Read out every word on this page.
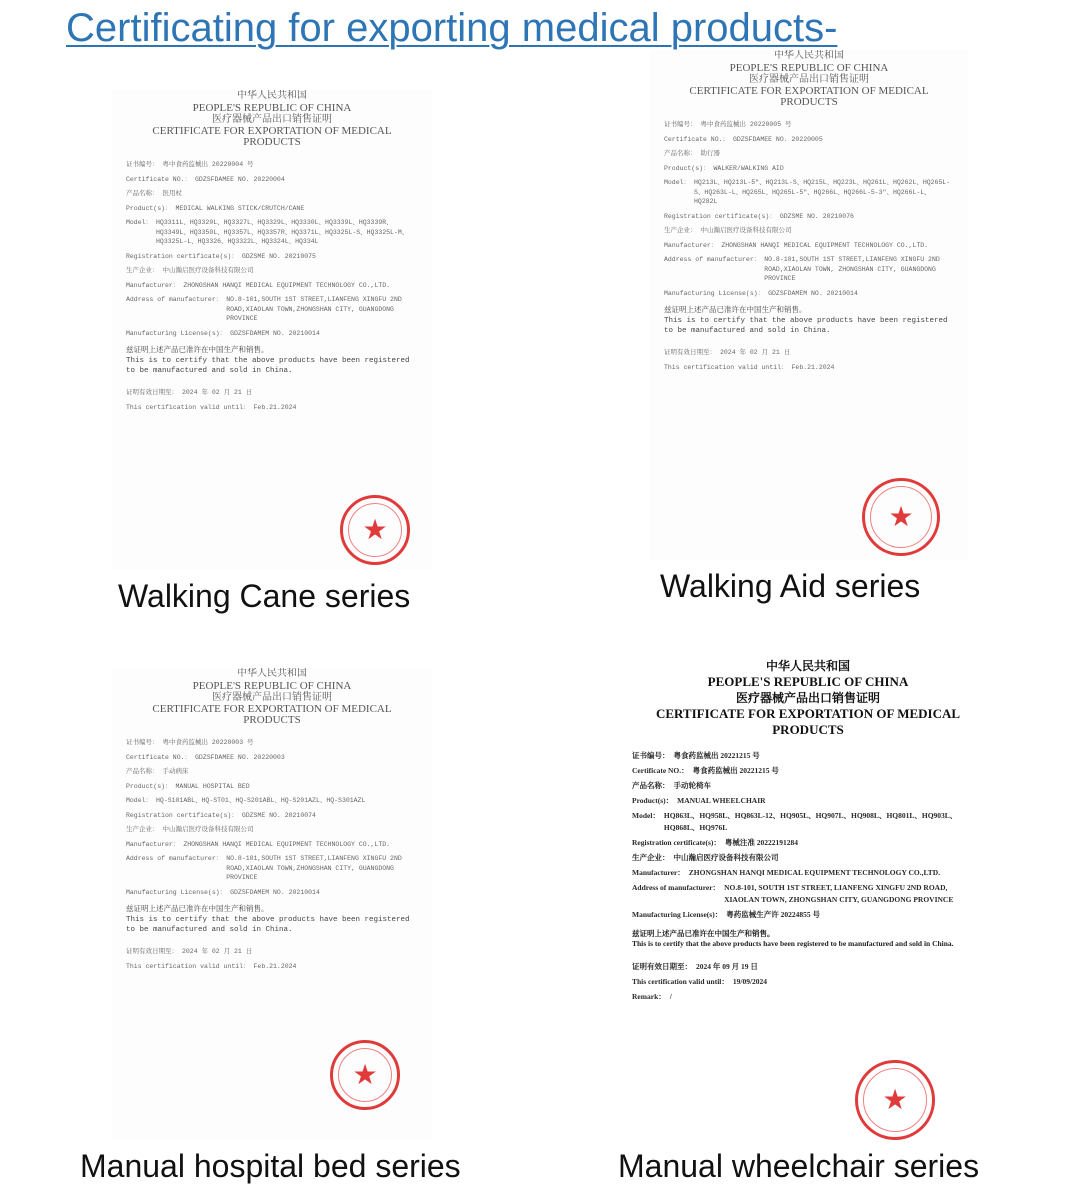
Certificating for exporting medical products-
中华人民共和国
PEOPLE'S REPUBLIC OF CHINA
医疗器械产品出口销售证明
CERTIFICATE FOR EXPORTATION OF MEDICAL
PRODUCTS
证书编号： 粤中食药监械出 20220004 号
Certificate NO.： GDZSFDAMEE NO. 20220004
产品名称： 医用杖
Product(s)： MEDICAL WALKING STICK/CRUTCH/CANE
Model： HQ3311L、HQ3320L、HQ3327L、HQ3329L、HQ3330L、HQ3339L、HQ3339R、HQ3349L、HQ3350L、HQ3357L、HQ3357R、HQ3371L、HQ3325L-S、HQ3325L-M、HQ3325L-L、HQ3326、HQ3322L、HQ3324L、HQ334L
Registration certificate(s)： GDZSME NO. 20210075
生产企业： 中山瀚启医疗设备科技有限公司
Manufacturer： ZHONGSHAN HANQI MEDICAL EQUIPMENT TECHNOLOGY CO.,LTD.
Address of manufacturer： NO.8-101,SOUTH 1ST STREET,LIANFENG XINGFU 2ND ROAD,XIAOLAN TOWN,ZHONGSHAN CITY, GUANGDONG PROVINCE
Manufacturing License(s)： GDZSFDAMEM NO. 20210014
兹证明上述产品已准许在中国生产和销售。
This is to certify that the above products have been registered to be manufactured and sold in China.
证明有效日期至： 2024 年 02 月 21 日
This certification valid until： Feb.21.2024
★
Walking Cane series
中华人民共和国
PEOPLE'S REPUBLIC OF CHINA
医疗器械产品出口销售证明
CERTIFICATE FOR EXPORTATION OF MEDICAL
PRODUCTS
证书编号： 粤中食药监械出 20220005 号
Certificate NO.： GDZSFDAMEE NO. 20220005
产品名称： 助行器
Product(s)： WALKER/WALKING AID
Model： HQ213L、HQ213L-5"、HQ213L-S、HQ215L、HQ223L、HQ261L、HQ262L、HQ265L-S、HQ263L-L、HQ265L、HQ265L-5"、HQ266L、HQ266L-5-3"、HQ266L-L、HQ282L
Registration certificate(s)： GDZSME NO. 20210076
生产企业： 中山瀚启医疗设备科技有限公司
Manufacturer： ZHONGSHAN HANQI MEDICAL EQUIPMENT TECHNOLOGY CO.,LTD.
Address of manufacturer： NO.8-101,SOUTH 1ST STREET,LIANFENG XINGFU 2ND ROAD,XIAOLAN TOWN, ZHONGSHAN CITY, GUANGDONG PROVINCE
Manufacturing License(s)： GDZSFDAMEM NO. 20210014
兹证明上述产品已准许在中国生产和销售。
This is to certify that the above products have been registered to be manufactured and sold in China.
证明有效日期至： 2024 年 02 月 21 日
This certification valid until： Feb.21.2024
★
Walking Aid series
中华人民共和国
PEOPLE'S REPUBLIC OF CHINA
医疗器械产品出口销售证明
CERTIFICATE FOR EXPORTATION OF MEDICAL
PRODUCTS
证书编号： 粤中食药监械出 20220003 号
Certificate NO.： GDZSFDAMEE NO. 20220003
产品名称： 手动病床
Product(s)： MANUAL HOSPITAL BED
Model： HQ-S101ABL、HQ-ST01、HQ-S201ABL、HQ-S201AZL、HQ-S301AZL
Registration certificate(s)： GDZSME NO. 20210074
生产企业： 中山瀚启医疗设备科技有限公司
Manufacturer： ZHONGSHAN HANQI MEDICAL EQUIPMENT TECHNOLOGY CO.,LTD.
Address of manufacturer： NO.8-101,SOUTH 1ST STREET,LIANFENG XINGFU 2ND ROAD,XIAOLAN TOWN,ZHONGSHAN CITY, GUANGDONG PROVINCE
Manufacturing License(s)： GDZSFDAMEM NO. 20210014
兹证明上述产品已准许在中国生产和销售。
This is to certify that the above products have been registered to be manufactured and sold in China.
证明有效日期至： 2024 年 02 月 21 日
This certification valid until： Feb.21.2024
★
Manual hospital bed series
中华人民共和国
PEOPLE'S REPUBLIC OF CHINA
医疗器械产品出口销售证明
CERTIFICATE FOR EXPORTATION OF MEDICAL
PRODUCTS
证书编号： 粤食药监械出 20221215 号
Certificate NO.： 粤食药监械出 20221215 号
产品名称： 手动轮椅车
Product(s)： MANUAL WHEELCHAIR
Model： HQ863L、HQ958L、HQ863L-12、HQ905L、HQ907L、HQ908L、HQ801L、HQ903L、HQ868L、HQ976L
Registration certificate(s)： 粤械注准 20222191284
生产企业： 中山瀚启医疗设备科技有限公司
Manufacturer： ZHONGSHAN HANQI MEDICAL EQUIPMENT TECHNOLOGY CO.,LTD.
Address of manufacturer： NO.8-101, SOUTH 1ST STREET, LIANFENG XINGFU 2ND ROAD, XIAOLAN TOWN, ZHONGSHAN CITY, GUANGDONG PROVINCE
Manufacturing License(s)： 粤药监械生产许 20224855 号
兹证明上述产品已准许在中国生产和销售。
This is to certify that the above products have been registered to be manufactured and sold in China.
证明有效日期至： 2024 年 09 月 19 日
This certification valid until： 19/09/2024
Remark： /
★
Manual wheelchair series
